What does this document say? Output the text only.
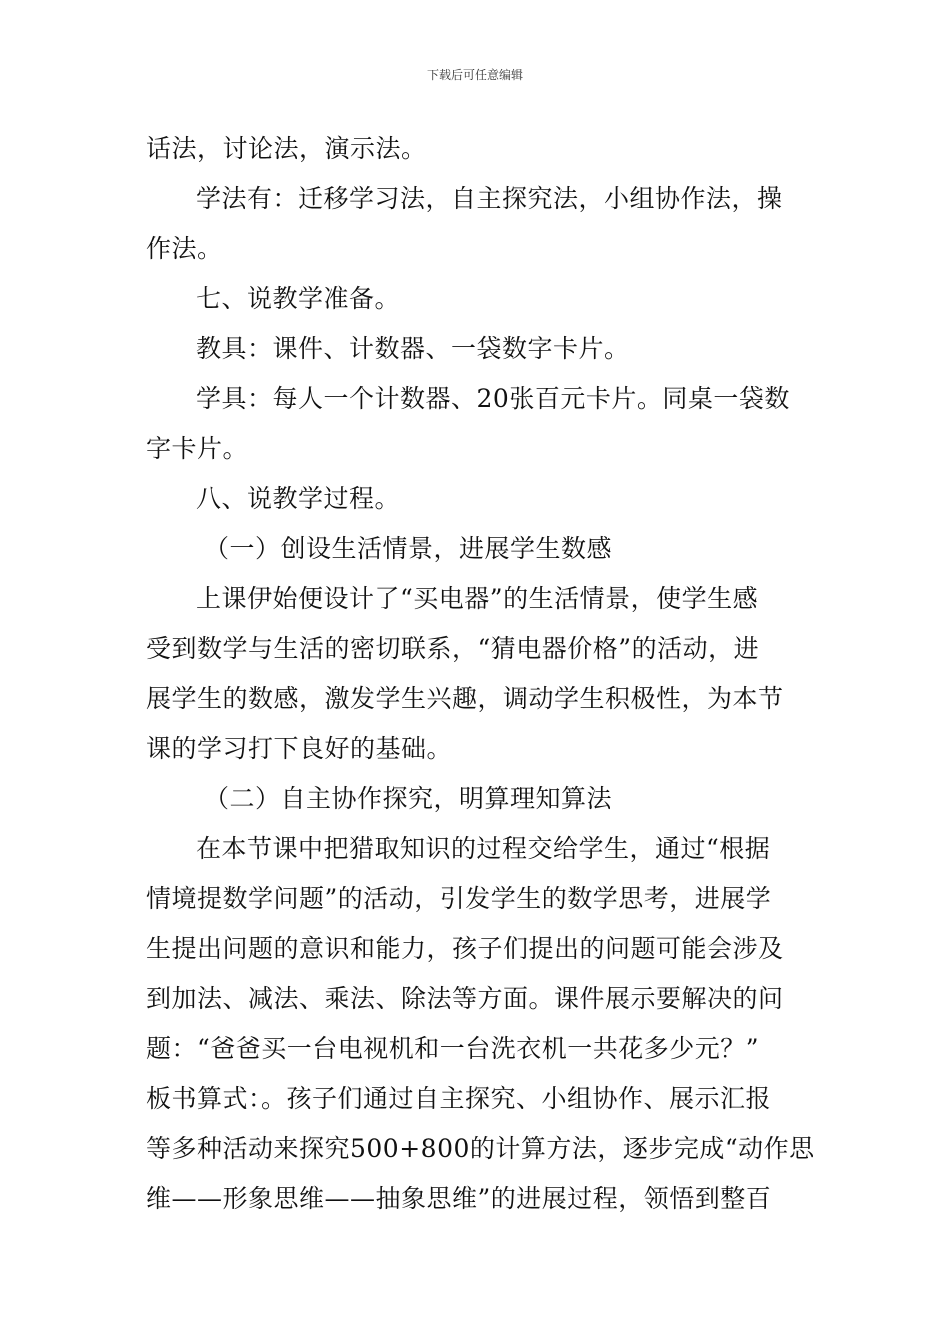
下载后可任意编辑
话法，讨论法，演示法。
学法有：迁移学习法，自主探究法，小组协作法，操
作法。
七、说教学准备。
教具：课件、计数器、一袋数字卡片。
学具：每人一个计数器、20张百元卡片。同桌一袋数
字卡片。
八、说教学过程。
（一）创设生活情景，进展学生数感
上课伊始便设计了“买电器”的生活情景，使学生感
受到数学与生活的密切联系，“猜电器价格”的活动，进
展学生的数感，激发学生兴趣，调动学生积极性，为本节
课的学习打下良好的基础。
（二）自主协作探究，明算理知算法
在本节课中把猎取知识的过程交给学生，通过“根据
情境提数学问题”的活动，引发学生的数学思考，进展学
生提出问题的意识和能力，孩子们提出的问题可能会涉及
到加法、减法、乘法、除法等方面。课件展示要解决的问
题：“爸爸买一台电视机和一台洗衣机一共花多少元？”
板书算式：。孩子们通过自主探究、小组协作、展示汇报
等多种活动来探究500+800的计算方法，逐步完成“动作思
维——形象思维——抽象思维”的进展过程，领悟到整百
